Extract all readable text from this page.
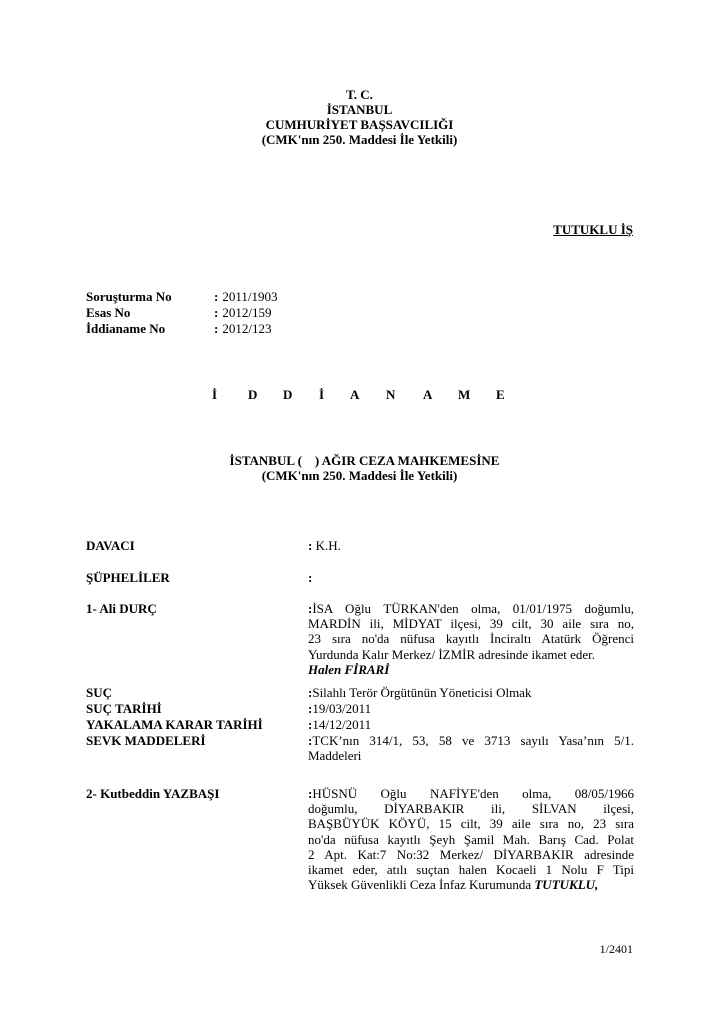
T. C.
İSTANBUL
CUMHURİYET BAŞSAVCILIĞI
(CMK'nın 250. Maddesi İle Yetkili)
TUTUKLU İŞ
Soruşturma No	: 2011/1903
Esas No	: 2012/159
İddianame No	: 2012/123
İ D D İ A N A M E
İSTANBUL (    ) AĞIR CEZA MAHKEMESİNE
(CMK'nın 250. Maddesi İle Yetkili)
DAVACI	: K.H.
ŞÜPHELİLER	:
1- Ali DURÇ	:İSA Oğlu TÜRKAN'den olma, 01/01/1975 doğumlu,
MARDİN ili, MİDYAT ilçesi, 39 cilt, 30 aile sıra no,
23 sıra no'da nüfusa kayıtlı İnciraltı Atatürk Öğrenci
Yurdunda Kalır Merkez/ İZMİR adresinde ikamet eder.
Halen FİRARİ
SUÇ	:Silahlı Terör Örgütünün Yöneticisi Olmak
SUÇ TARİHİ	:19/03/2011
YAKALAMA KARAR TARİHİ	:14/12/2011
SEVK MADDELERİ	:TCK’nın 314/1, 53, 58 ve 3713 sayılı Yasa’nın 5/1.
Maddeleri
2- Kutbeddin YAZBAŞI	:HÜSNÜ Oğlu NAFİYE'den olma, 08/05/1966
doğumlu, DİYARBAKIR ili, SİLVAN ilçesi,
BAŞBÜYÜK KÖYÜ, 15 cilt, 39 aile sıra no, 23 sıra
no'da nüfusa kayıtlı Şeyh Şamil Mah. Barış Cad. Polat
2 Apt. Kat:7 No:32 Merkez/ DİYARBAKIR adresinde
ikamet eder, atılı suçtan halen Kocaeli 1 Nolu F Tipi
Yüksek Güvenlikli Ceza İnfaz Kurumunda TUTUKLU,
1/2401
